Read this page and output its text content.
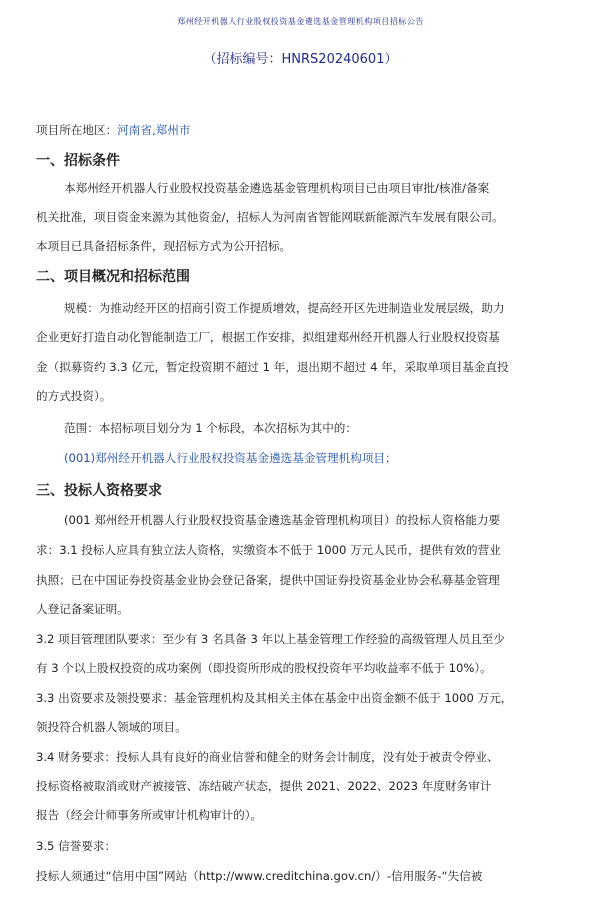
郑州经开机器人行业股权投资基金遴选基金管理机构项目招标公告
（招标编号：HNRS20240601）
项目所在地区：河南省,郑州市
一、招标条件
本郑州经开机器人行业股权投资基金遴选基金管理机构项目已由项目审批/核准/备案
机关批准，项目资金来源为其他资金/，招标人为河南省智能网联新能源汽车发展有限公司。
本项目已具备招标条件，现招标方式为公开招标。
二、项目概况和招标范围
规模：为推动经开区的招商引资工作提质增效，提高经开区先进制造业发展层级，助力
企业更好打造自动化智能制造工厂，根据工作安排，拟组建郑州经开机器人行业股权投资基
金（拟募资约 3.3 亿元，暂定投资期不超过 1 年，退出期不超过 4 年，采取单项目基金直投
的方式投资）。
范围：本招标项目划分为 1 个标段，本次招标为其中的：
(001)郑州经开机器人行业股权投资基金遴选基金管理机构项目；
三、投标人资格要求
(001 郑州经开机器人行业股权投资基金遴选基金管理机构项目）的投标人资格能力要
求：3.1 投标人应具有独立法人资格，实缴资本不低于 1000 万元人民币，提供有效的营业
执照；已在中国证券投资基金业协会登记备案，提供中国证券投资基金业协会私募基金管理
人登记备案证明。
3.2 项目管理团队要求：至少有 3 名具备 3 年以上基金管理工作经验的高级管理人员且至少
有 3 个以上股权投资的成功案例（即投资所形成的股权投资年平均收益率不低于 10%）。
3.3 出资要求及领投要求：基金管理机构及其相关主体在基金中出资金额不低于 1000 万元，
领投符合机器人领域的项目。
3.4 财务要求：投标人具有良好的商业信誉和健全的财务会计制度，没有处于被责令停业、
投标资格被取消或财产被接管、冻结破产状态，提供 2021、2022、2023 年度财务审计
报告（经会计师事务所或审计机构审计的）。
3.5 信誉要求：
投标人须通过“信用中国”网站（http://www.creditchina.gov.cn/）-信用服务-“失信被
